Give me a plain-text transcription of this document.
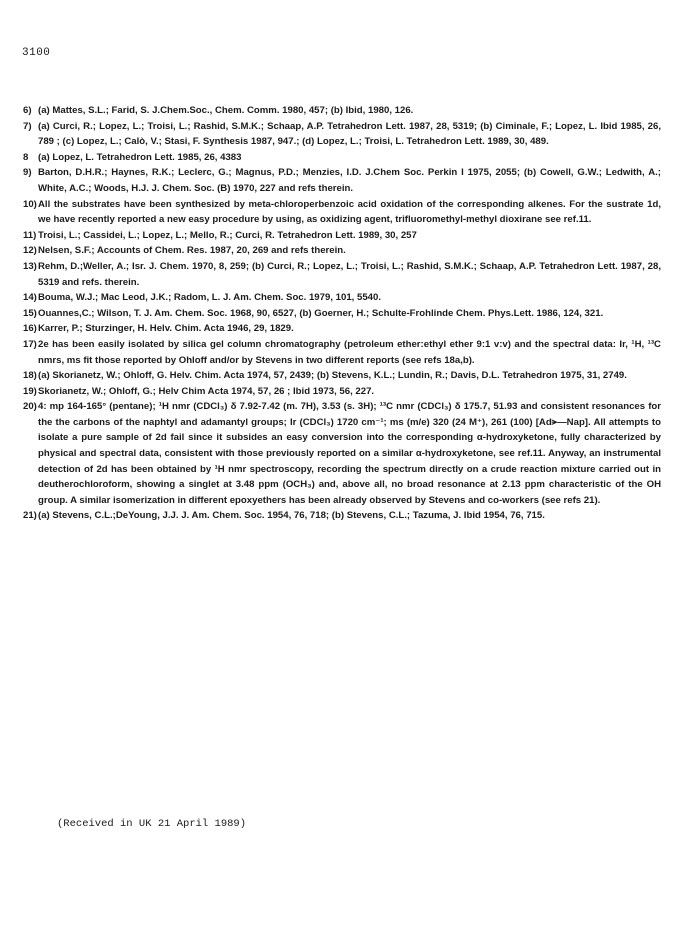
3100
6) (a) Mattes, S.L.; Farid, S. J.Chem.Soc., Chem. Comm. 1980, 457; (b) Ibid, 1980, 126.
7) (a) Curci, R.; Lopez, L.; Troisi, L.; Rashid, S.M.K.; Schaap, A.P. Tetrahedron Lett. 1987, 28, 5319; (b) Ciminale, F.; Lopez, L. Ibid 1985, 26, 789 ; (c) Lopez, L.; Calò, V.; Stasi, F. Synthesis 1987, 947.; (d) Lopez, L.; Troisi, L. Tetrahedron Lett. 1989, 30, 489.
8 (a) Lopez, L. Tetrahedron Lett. 1985, 26, 4383
9) Barton, D.H.R.; Haynes, R.K.; Leclerc, G.; Magnus, P.D.; Menzies, I.D. J.Chem Soc. Perkin I 1975, 2055; (b) Cowell, G.W.; Ledwith, A.; White, A.C.; Woods, H.J. J. Chem. Soc. (B) 1970, 227 and refs therein.
10) All the substrates have been synthesized by meta-chloroperbenzoic acid oxidation of the corresponding alkenes. For the sustrate 1d, we have recently reported a new easy procedure by using, as oxidizing agent, trifluoromethyl-methyl dioxirane see ref.11.
11) Troisi, L.; Cassidei, L.; Lopez, L.; Mello, R.; Curci, R. Tetrahedron Lett. 1989, 30, 257
12) Nelsen, S.F.; Accounts of Chem. Res. 1987, 20, 269 and refs therein.
13) Rehm, D.;Weller, A.; Isr. J. Chem. 1970, 8, 259; (b) Curci, R.; Lopez, L.; Troisi, L.; Rashid, S.M.K.; Schaap, A.P. Tetrahedron Lett. 1987, 28, 5319 and refs. therein.
14) Bouma, W.J.; Mac Leod, J.K.; Radom, L. J. Am. Chem. Soc. 1979, 101, 5540.
15) Ouannes,C.; Wilson, T. J. Am. Chem. Soc. 1968, 90, 6527, (b) Goerner, H.; Schulte-Frohlinde Chem. Phys.Lett. 1986, 124, 321.
16) Karrer, P.; Sturzinger, H. Helv. Chim. Acta 1946, 29, 1829.
17) 2e has been easily isolated by silica gel column chromatography (petroleum ether:ethyl ether 9:1 v:v) and the spectral data: Ir, ¹H, ¹³C nmrs, ms fit those reported by Ohloff and/or by Stevens in two different reports (see refs 18a,b).
18) (a) Skorianetz, W.; Ohloff, G. Helv. Chim. Acta 1974, 57, 2439; (b) Stevens, K.L.; Lundin, R.; Davis, D.L. Tetrahedron 1975, 31, 2749.
19) Skorianetz, W.; Ohloff, G.; Helv Chim Acta 1974, 57, 26 ; Ibid 1973, 56, 227.
20) 4: mp 164-165° (pentane); ¹H nmr (CDCl₃) δ 7.92-7.42 (m. 7H), 3.53 (s. 3H); ¹³C nmr (CDCl₃) δ 175.7, 51.93 and consistent resonances for the the carbons of the naphtyl and adamantyl groups; Ir (CDCl₃) 1720 cm⁻¹; ms (m/e) 320 (24 M⁺), 261 (100) [Ad⪫—Nap]. All attempts to isolate a pure sample of 2d fail since it subsides an easy conversion into the corresponding α-hydroxyketone, fully characterized by physical and spectral data, consistent with those previously reported on a similar α-hydroxyketone, see ref.11. Anyway, an instrumental detection of 2d has been obtained by ¹H nmr spectroscopy, recording the spectrum directly on a crude reaction mixture carried out in deutherochloroform, showing a singlet at 3.48 ppm (OCH₃) and, above all, no broad resonance at 2.13 ppm characteristic of the OH group. A similar isomerization in different epoxyethers has been already observed by Stevens and co-workers (see refs 21).
21) (a) Stevens, C.L.;DeYoung, J.J. J. Am. Chem. Soc. 1954, 76, 718; (b) Stevens, C.L.; Tazuma, J. Ibid 1954, 76, 715.
(Received in UK 21 April 1989)
